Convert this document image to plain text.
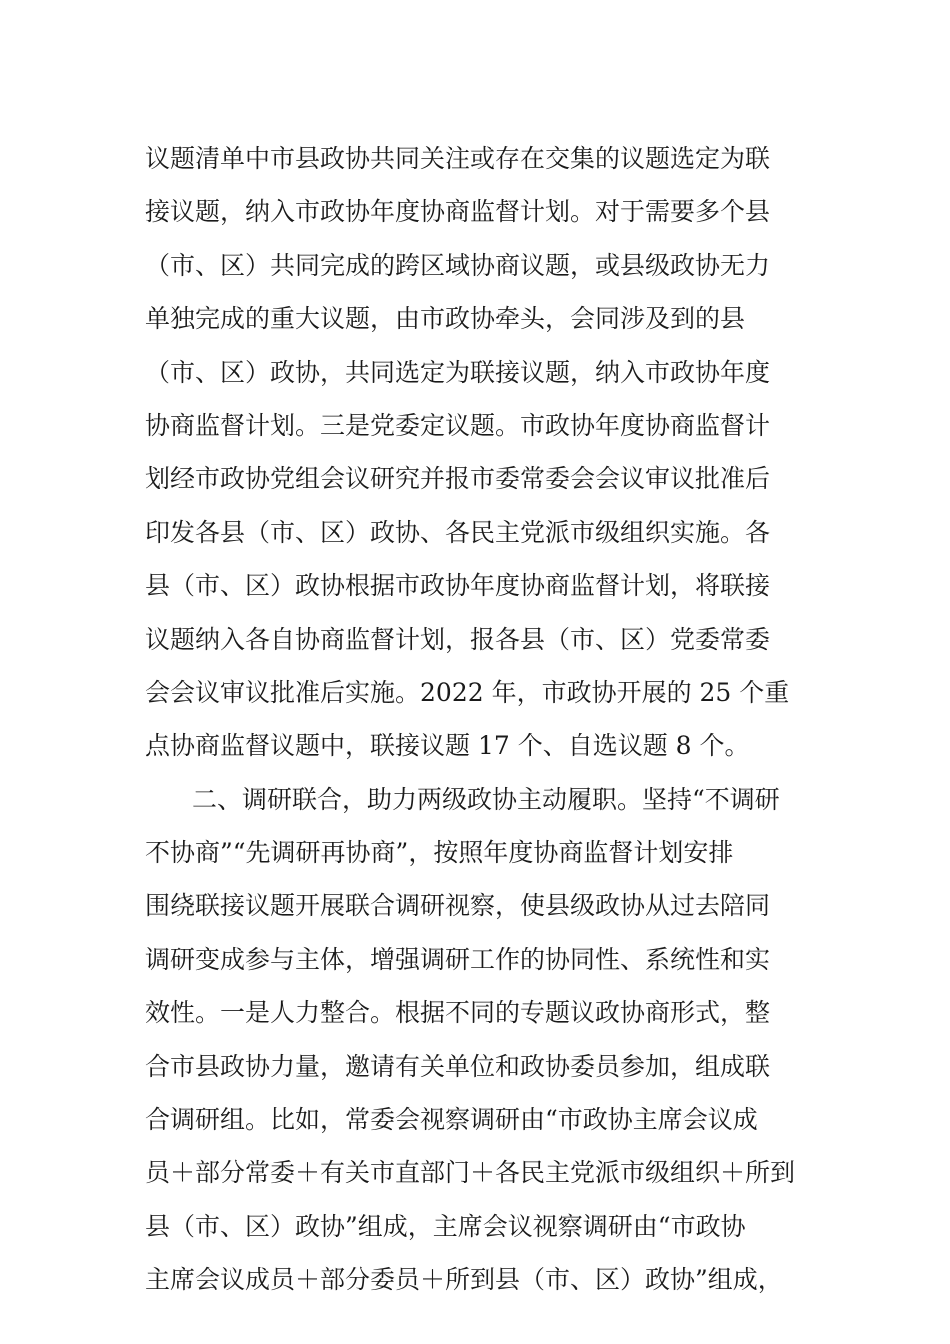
议题清单中市县政协共同关注或存在交集的议题选定为联
接议题，纳入市政协年度协商监督计划。对于需要多个县
（市、区）共同完成的跨区域协商议题，或县级政协无力
单独完成的重大议题，由市政协牵头，会同涉及到的县
（市、区）政协，共同选定为联接议题，纳入市政协年度
协商监督计划。三是党委定议题。市政协年度协商监督计
划经市政协党组会议研究并报市委常委会会议审议批准后
印发各县（市、区）政协、各民主党派市级组织实施。各
县（市、区）政协根据市政协年度协商监督计划，将联接
议题纳入各自协商监督计划，报各县（市、区）党委常委
会会议审议批准后实施。2022 年，市政协开展的 25 个重
点协商监督议题中，联接议题 17 个、自选议题 8 个。
二、调研联合，助力两级政协主动履职。坚持“不调研
不协商”“先调研再协商”，按照年度协商监督计划安排
围绕联接议题开展联合调研视察，使县级政协从过去陪同
调研变成参与主体，增强调研工作的协同性、系统性和实
效性。一是人力整合。根据不同的专题议政协商形式，整
合市县政协力量，邀请有关单位和政协委员参加，组成联
合调研组。比如，常委会视察调研由“市政协主席会议成
员＋部分常委＋有关市直部门＋各民主党派市级组织＋所到
县（市、区）政协”组成，主席会议视察调研由“市政协
主席会议成员＋部分委员＋所到县（市、区）政协”组成，
